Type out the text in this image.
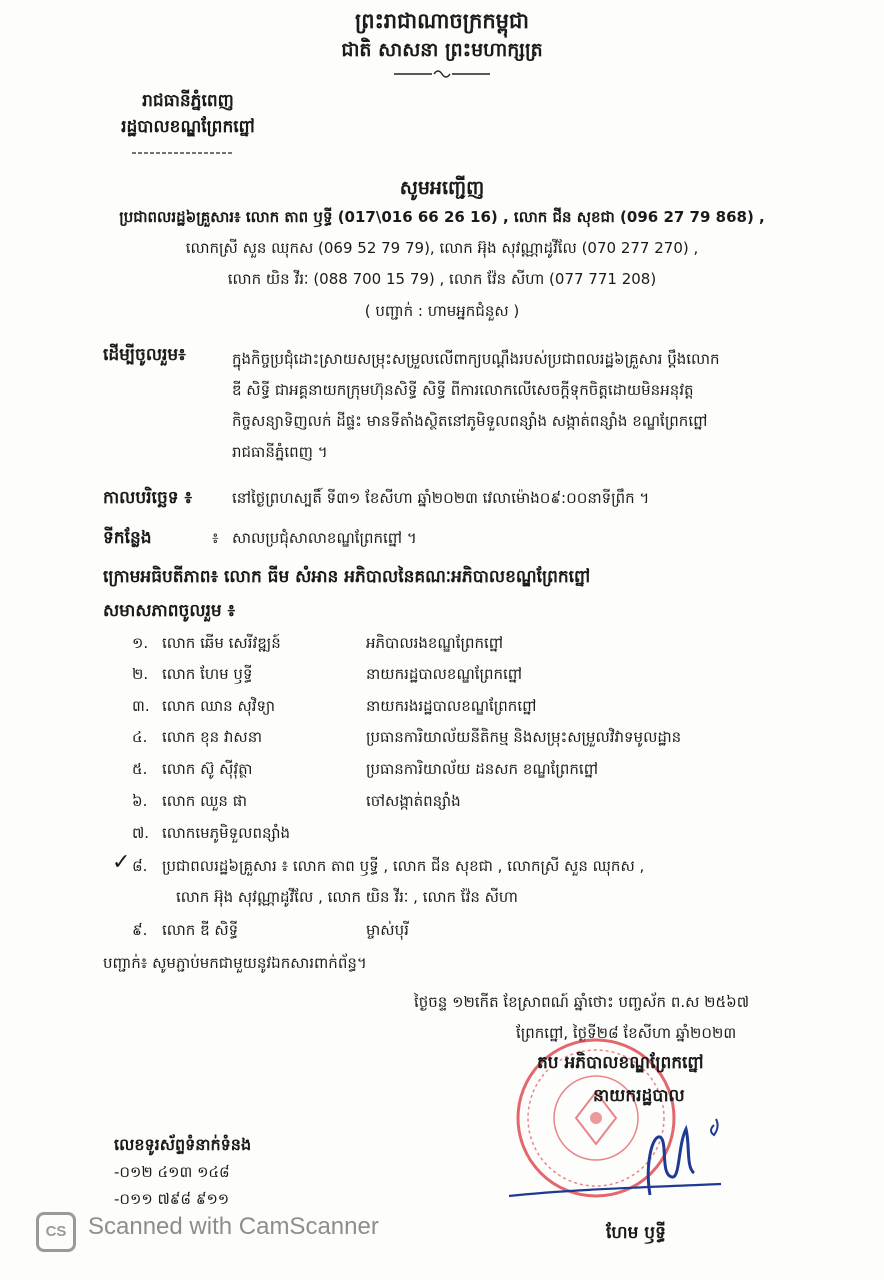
ព្រះរាជាណាចក្រកម្ពុជា
ជាតិ សាសនា ព្រះមហាក្សត្រ
រាជធានីភ្នំពេញ
រដ្ឋបាលខណ្ឌព្រែកព្នៅ
សូមអញ្ជើញ
ប្រជាពលរដ្ឋ៦គ្រួសារ៖ លោក តាព ឫទ្ធី (017\016 66 26 16) , លោក ជីន សុខជា (096 27 79 868) ,
លោកស្រី សួន ឈុកស (069 52 79 79), លោក អ៊ុង សុវណ្ណាដូវីលែ (070 277 270) ,
លោក យិន វីរៈ (088 700 15 79) , លោក វ៉ែន សីហា (077 771 208)
( បញ្ជាក់ : ហាមអ្នកជំនួស )
ដើម្បីចូលរួម៖	ក្នុងកិច្ចប្រជុំដោះស្រាយសម្រុះសម្រួលលើពាក្យបណ្តឹងរបស់ប្រជាពលរដ្ឋ៦គ្រួសារ ប្តឹងលោក
ឌី សិទ្ធី ជាអគ្គនាយកក្រុមហ៊ុនសិទ្ធី សិទ្ធី ពីការលោកលើសេចក្តីទុកចិត្តដោយមិនអនុវត្ត
កិច្ចសន្យាទិញលក់ ដីផ្ទះ មានទីតាំងស្ថិតនៅភូមិទួលពន្សាំង សង្កាត់ពន្សាំង ខណ្ឌព្រែកព្នៅ
រាជធានីភ្នំពេញ ។
កាលបរិច្ឆេទ ៖	នៅថ្ងៃព្រហស្បតិ៍ ទី៣១ ខែសីហា ឆ្នាំ២០២៣ វេលាម៉ោង០៩:០០នាទីព្រឹក ។
ទីកន្លែង	៖ សាលប្រជុំសាលាខណ្ឌព្រែកព្នៅ ។
ក្រោមអធិបតីភាព៖ លោក ធីម សំអាន អភិបាលនៃគណៈអភិបាលខណ្ឌព្រែកព្នៅ
សមាសភាពចូលរួម ៖
១. លោក ឆើម សេរីវឌ្ឍន៍	អភិបាលរងខណ្ឌព្រែកព្នៅ
២. លោក ហែម ឫទ្ធី	នាយករដ្ឋបាលខណ្ឌព្រែកព្នៅ
៣. លោក ឈាន សុវិទ្យា	នាយករងរដ្ឋបាលខណ្ឌព្រែកព្នៅ
៤. លោក ខុន វាសនា	ប្រធានការិយាល័យនីតិកម្ម និងសម្រុះសម្រួលវិវាទមូលដ្ឋាន
៥. លោក ស៊ូ ស៊ីវុត្ថា	ប្រធានការិយាល័យ ដនសក ខណ្ឌព្រែកព្នៅ
៦. លោក ឈួន ផា	ចៅសង្កាត់ពន្សាំង
៧. លោកមេភូមិទួលពន្សាំង
✓ ៨. ប្រជាពលរដ្ឋ៦គ្រួសារ ៖ លោក តាព ឫទ្ធី , លោក ជីន សុខជា , លោកស្រី សួន ឈុកស ,
លោក អ៊ុង សុវណ្ណាដូវីលែ , លោក យិន វីរៈ , លោក វ៉ែន សីហា
៩. លោក ឌី សិទ្ធី	ម្ចាស់បុរី
បញ្ជាក់៖ សូមភ្ជាប់មកជាមួយនូវឯកសារពាក់ព័ន្ធ។
ថ្ងៃចន្ទ ១២កើត ខែស្រាពណ៍ ឆ្នាំថោះ បញ្ចស័ក ព.ស ២៥៦៧
ព្រែកព្នៅ, ថ្ងៃទី២៨ ខែសីហា ឆ្នាំ២០២៣
តប អភិបាលខណ្ឌព្រែកព្នៅ
នាយករដ្ឋបាល
ហែម ឫទ្ធី
លេខទូរស័ព្ទទំនាក់ទំនង
-០១២ ៤១៣ ១៤៨
-០១១ ៧៩៨ ៩១១
CS Scanned with CamScanner
